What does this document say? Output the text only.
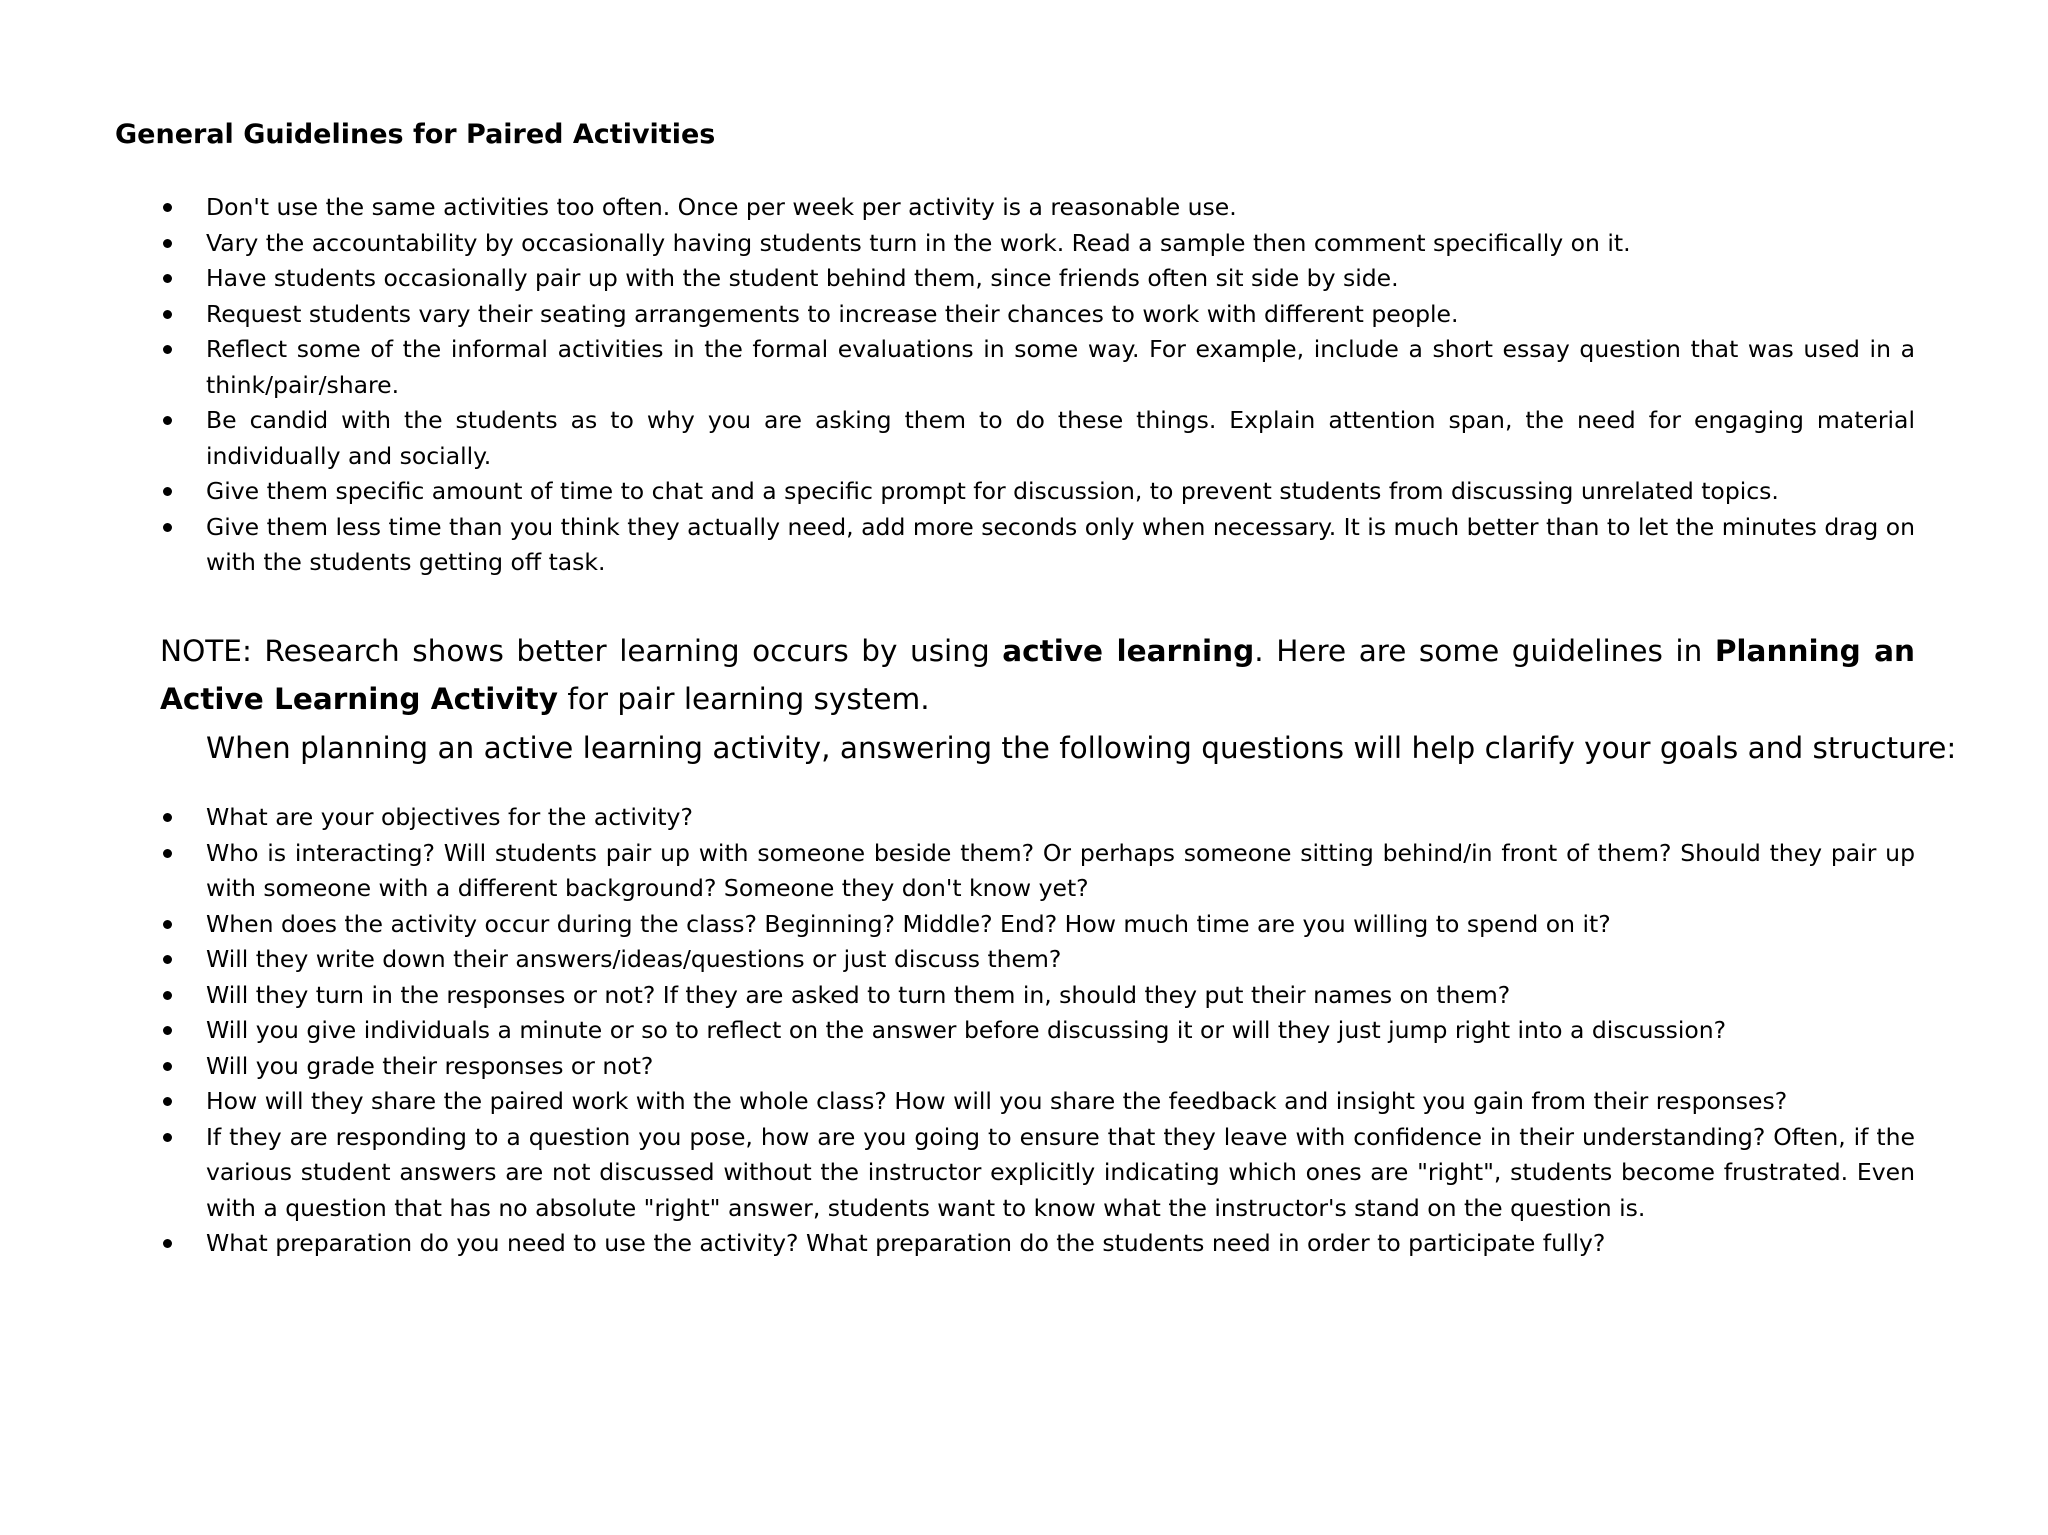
General Guidelines for Paired Activities
Don't use the same activities too often. Once per week per activity is a reasonable use.
Vary the accountability by occasionally having students turn in the work. Read a sample then comment specifically on it.
Have students occasionally pair up with the student behind them, since friends often sit side by side.
Request students vary their seating arrangements to increase their chances to work with different people.
Reflect some of the informal activities in the formal evaluations in some way. For example, include a short essay question that was used in a think/pair/share.
Be candid with the students as to why you are asking them to do these things. Explain attention span, the need for engaging material individually and socially.
Give them specific amount of time to chat and a specific prompt for discussion, to prevent students from discussing unrelated topics.
Give them less time than you think they actually need, add more seconds only when necessary. It is much better than to let the minutes drag on with the students getting off task.

NOTE: Research shows better learning occurs by using active learning. Here are some guidelines in Planning an Active Learning Activity for pair learning system.

When planning an active learning activity, answering the following questions will help clarify your goals and structure:

What are your objectives for the activity?
Who is interacting? Will students pair up with someone beside them? Or perhaps someone sitting behind/in front of them? Should they pair up with someone with a different background? Someone they don't know yet?
When does the activity occur during the class? Beginning? Middle? End? How much time are you willing to spend on it?
Will they write down their answers/ideas/questions or just discuss them?
Will they turn in the responses or not? If they are asked to turn them in, should they put their names on them?
Will you give individuals a minute or so to reflect on the answer before discussing it or will they just jump right into a discussion?
Will you grade their responses or not?
How will they share the paired work with the whole class? How will you share the feedback and insight you gain from their responses?
If they are responding to a question you pose, how are you going to ensure that they leave with confidence in their understanding? Often, if the various student answers are not discussed without the instructor explicitly indicating which ones are "right", students become frustrated. Even with a question that has no absolute "right" answer, students want to know what the instructor's stand on the question is.
What preparation do you need to use the activity? What preparation do the students need in order to participate fully?
